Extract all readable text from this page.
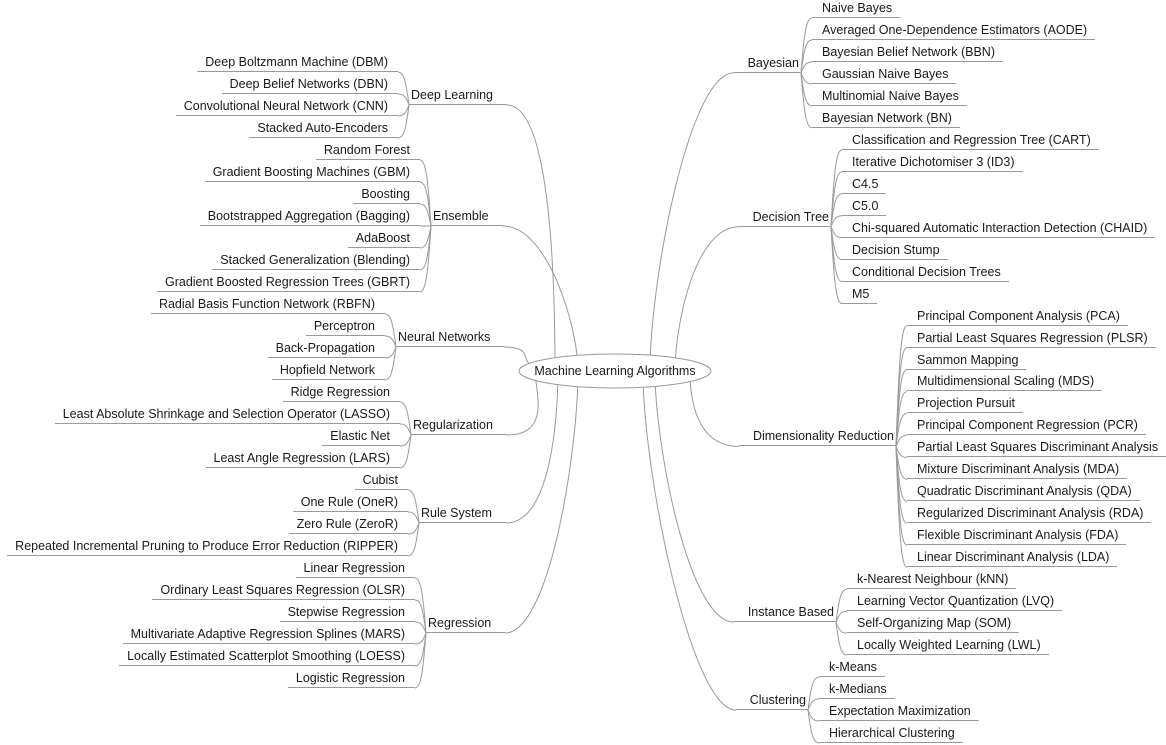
Machine Learning Algorithms
Deep Boltzmann Machine (DBM)
Deep Belief Networks (DBN)
Convolutional Neural Network (CNN)
Stacked Auto-Encoders
Deep Learning
Random Forest
Gradient Boosting Machines (GBM)
Boosting
Bootstrapped Aggregation (Bagging)
AdaBoost
Stacked Generalization (Blending)
Gradient Boosted Regression Trees (GBRT)
Ensemble
Radial Basis Function Network (RBFN)
Perceptron
Back-Propagation
Hopfield Network
Neural Networks
Ridge Regression
Least Absolute Shrinkage and Selection Operator (LASSO)
Elastic Net
Least Angle Regression (LARS)
Regularization
Cubist
One Rule (OneR)
Zero Rule (ZeroR)
Repeated Incremental Pruning to Produce Error Reduction (RIPPER)
Rule System
Linear Regression
Ordinary Least Squares Regression (OLSR)
Stepwise Regression
Multivariate Adaptive Regression Splines (MARS)
Locally Estimated Scatterplot Smoothing (LOESS)
Logistic Regression
Regression
Naive Bayes
Averaged One-Dependence Estimators (AODE)
Bayesian Belief Network (BBN)
Gaussian Naive Bayes
Multinomial Naive Bayes
Bayesian Network (BN)
Bayesian
Classification and Regression Tree (CART)
Iterative Dichotomiser 3 (ID3)
C4.5
C5.0
Chi-squared Automatic Interaction Detection (CHAID)
Decision Stump
Conditional Decision Trees
M5
Decision Tree
Principal Component Analysis (PCA)
Partial Least Squares Regression (PLSR)
Sammon Mapping
Multidimensional Scaling (MDS)
Projection Pursuit
Principal Component Regression (PCR)
Partial Least Squares Discriminant Analysis
Mixture Discriminant Analysis (MDA)
Quadratic Discriminant Analysis (QDA)
Regularized Discriminant Analysis (RDA)
Flexible Discriminant Analysis (FDA)
Linear Discriminant Analysis (LDA)
Dimensionality Reduction
k-Nearest Neighbour (kNN)
Learning Vector Quantization (LVQ)
Self-Organizing Map (SOM)
Locally Weighted Learning (LWL)
Instance Based
k-Means
k-Medians
Expectation Maximization
Hierarchical Clustering
Clustering
